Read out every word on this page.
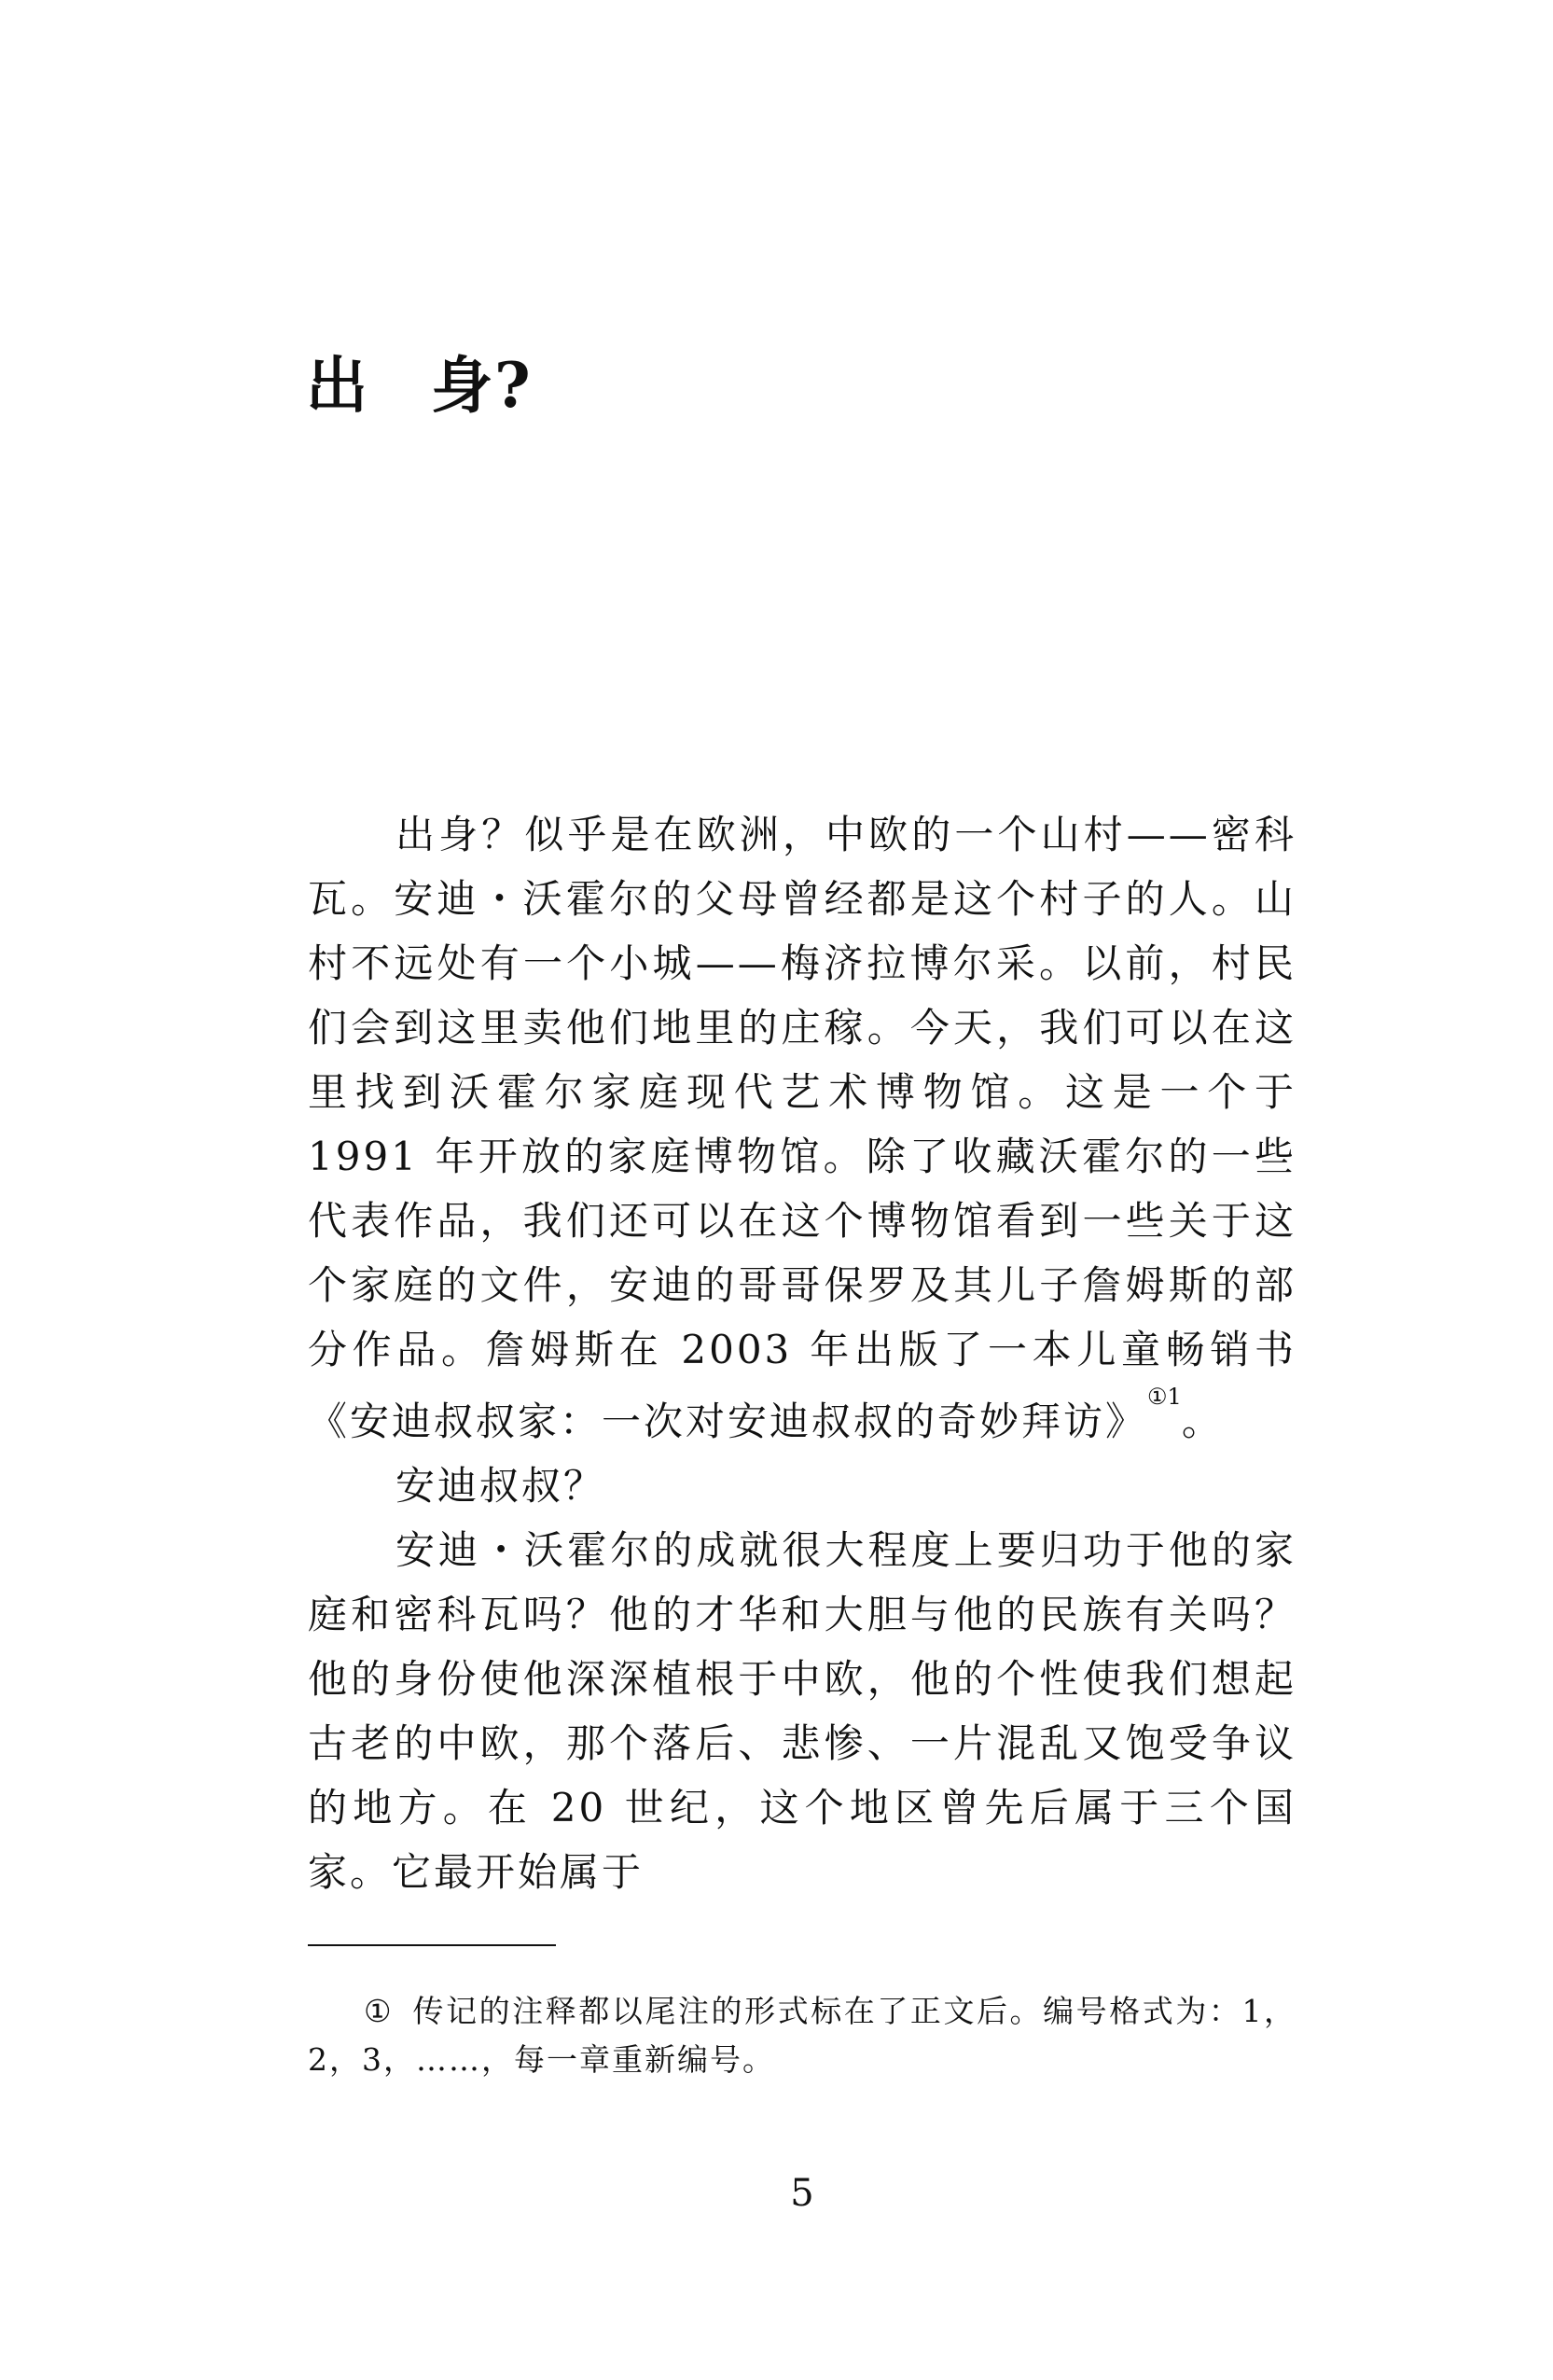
出 身?

出身？似乎是在欧洲，中欧的一个山村——密科瓦。安迪・沃霍尔的父母曾经都是这个村子的人。山村不远处有一个小城——梅济拉博尔采。以前，村民们会到这里卖他们地里的庄稼。今天，我们可以在这里找到沃霍尔家庭现代艺术博物馆。这是一个于 1991 年开放的家庭博物馆。除了收藏沃霍尔的一些代表作品，我们还可以在这个博物馆看到一些关于这个家庭的文件，安迪的哥哥保罗及其儿子詹姆斯的部分作品。詹姆斯在 2003 年出版了一本儿童畅销书《安迪叔叔家：一次对安迪叔叔的奇妙拜访》$^{①1}$。

安迪叔叔？

安迪・沃霍尔的成就很大程度上要归功于他的家庭和密科瓦吗？他的才华和大胆与他的民族有关吗？他的身份使他深深植根于中欧，他的个性使我们想起古老的中欧，那个落后、悲惨、一片混乱又饱受争议的地方。在 20 世纪，这个地区曾先后属于三个国家。它最开始属于

① 传记的注释都以尾注的形式标在了正文后。编号格式为：1，2，3，……，每一章重新编号。
5
